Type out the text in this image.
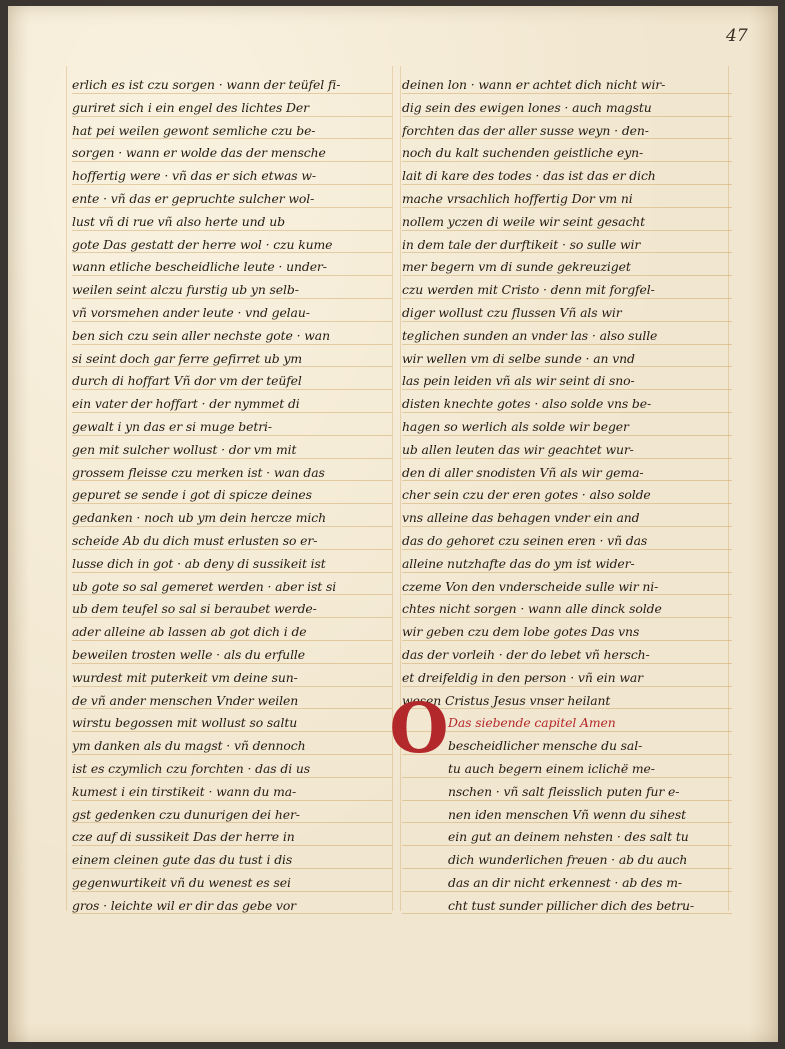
47
erlich es ist czu sorgen · wann der teüfel fi-
guriret sich i ein engel des lichtes Der
hat pei weilen gewont semliche czu be-
sorgen · wann er wolde das der mensche
hoffertig were · vñ das er sich etwas w-
ente · vñ das er gepruchte sulcher wol-
lust vñ di rue vñ also herte und ub
gote Das gestatt der herre wol · czu kume
wann etliche bescheidliche leute · under-
weilen seint alczu furstig ub yn selb-
vñ vorsmehen ander leute · vnd gelau-
ben sich czu sein aller nechste gote · wan
si seint doch gar ferre gefirret ub ym
durch di hoffart Vñ dor vm der teüfel
ein vater der hoffart · der nymmet di
gewalt i yn das er si muge betri-
gen mit sulcher wollust · dor vm mit
grossem fleisse czu merken ist · wan das
gepuret se sende i got di spicze deines
gedanken · noch ub ym dein hercze mich
scheide Ab du dich must erlusten so er-
lusse dich in got · ab deny di sussikeit ist
ub gote so sal gemeret werden · aber ist si
ub dem teufel so sal si beraubet werde-
ader alleine ab lassen ab got dich i de
beweilen trosten welle · als du erfulle
wurdest mit puterkeit vm deine sun-
de vñ ander menschen Vnder weilen
wirstu begossen mit wollust so saltu
ym danken als du magst · vñ dennoch
ist es czymlich czu forchten · das di us
kumest i ein tirstikeit · wann du ma-
gst gedenken czu dunurigen dei her-
cze auf di sussikeit Das der herre in
einem cleinen gute das du tust i dis
gegenwurtikeit vñ du wenest es sei
gros · leichte wil er dir das gebe vor
deinen lon · wann er achtet dich nicht wir-
dig sein des ewigen lones · auch magstu
forchten das der aller susse weyn · den-
noch du kalt suchenden geistliche eyn-
lait di kare des todes · das ist das er dich
mache vrsachlich hoffertig Dor vm ni
nollem yczen di weile wir seint gesacht
in dem tale der durftikeit · so sulle wir
mer begern vm di sunde gekreuziget
czu werden mit Cristo · denn mit forgfel-
diger wollust czu flussen Vñ als wir
teglichen sunden an vnder las · also sulle
wir wellen vm di selbe sunde · an vnd
las pein leiden vñ als wir seint di sno-
disten knechte gotes · also solde vns be-
hagen so werlich als solde wir beger
ub allen leuten das wir geachtet wur-
den di aller snodisten Vñ als wir gema-
cher sein czu der eren gotes · also solde
vns alleine das behagen vnder ein and
das do gehoret czu seinen eren · vñ das
alleine nutzhafte das do ym ist wider-
czeme Von den vnderscheide sulle wir ni-
chtes nicht sorgen · wann alle dinck solde
wir geben czu dem lobe gotes Das vns
das der vorleih · der do lebet vñ hersch-
et dreifeldig in den person · vñ ein war
wesen Cristus Jesus vnser heilant
Das siebende capitel Amen
bescheidlicher mensche du sal-
tu auch begern einem iclichë me-
nschen · vñ salt fleisslich puten fur e-
nen iden menschen Vñ wenn du sihest
ein gut an deinem nehsten · des salt tu
dich wunderlichen freuen · ab du auch
das an dir nicht erkennest · ab des m-
cht tust sunder pillicher dich des betru-
O
